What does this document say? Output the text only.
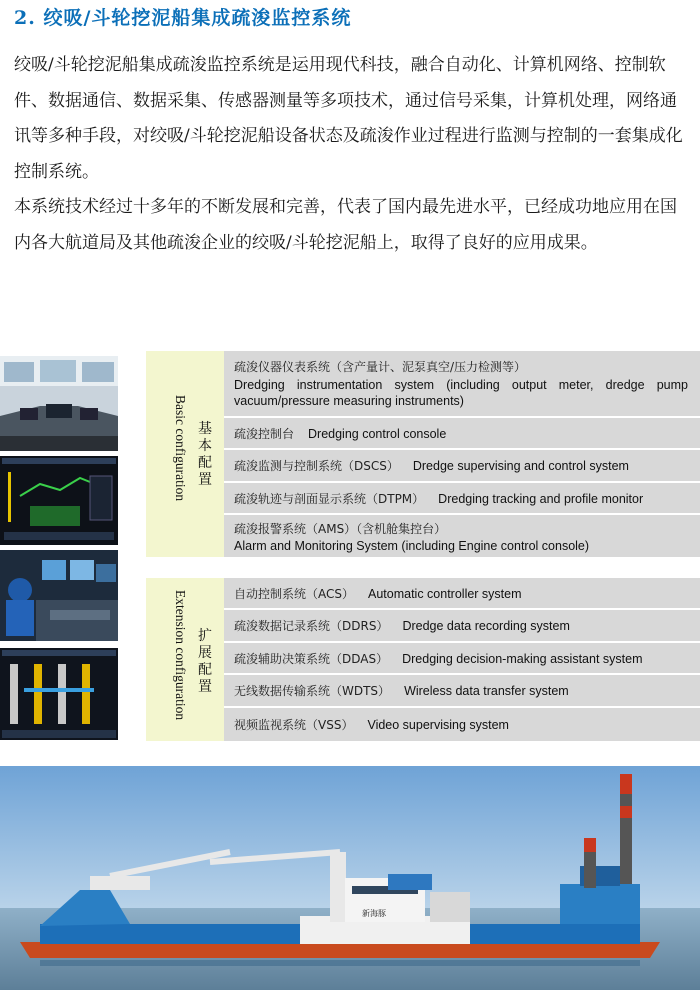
2. 绞吸/斗轮挖泥船集成疏浚监控系统

绞吸/斗轮挖泥船集成疏浚监控系统是运用现代科技，融合自动化、计算机网络、控制软件、数据通信、数据采集、传感器测量等多项技术，通过信号采集，计算机处理，网络通讯等多种手段，对绞吸/斗轮挖泥船设备状态及疏浚作业过程进行监测与控制的一套集成化控制系统。

本系统技术经过十多年的不断发展和完善，代表了国内最先进水平，已经成功地应用在国内各大航道局及其他疏浚企业的绞吸/斗轮挖泥船上，取得了良好的应用成果。

Basic configuration 基本配置
疏浚仪器仪表系统（含产量计、泥泵真空/压力检测等）
Dredging instrumentation system (including output meter, dredge pump vacuum/pressure measuring instruments)
疏浚控制台 Dredging control console
疏浚监测与控制系统（DSCS） Dredge supervising and control system
疏浚轨迹与剖面显示系统（DTPM） Dredging tracking and profile monitor
疏浚报警系统（AMS）（含机舱集控台）
Alarm and Monitoring System (including Engine control console)
Extension configuration 扩展配置
自动控制系统（ACS） Automatic controller system
疏浚数据记录系统（DDRS） Dredge data recording system
疏浚辅助决策系统（DDAS） Dredging decision-making assistant system
无线数据传输系统（WDTS） Wireless data transfer system
视频监视系统（VSS） Video supervising system
新海豚
